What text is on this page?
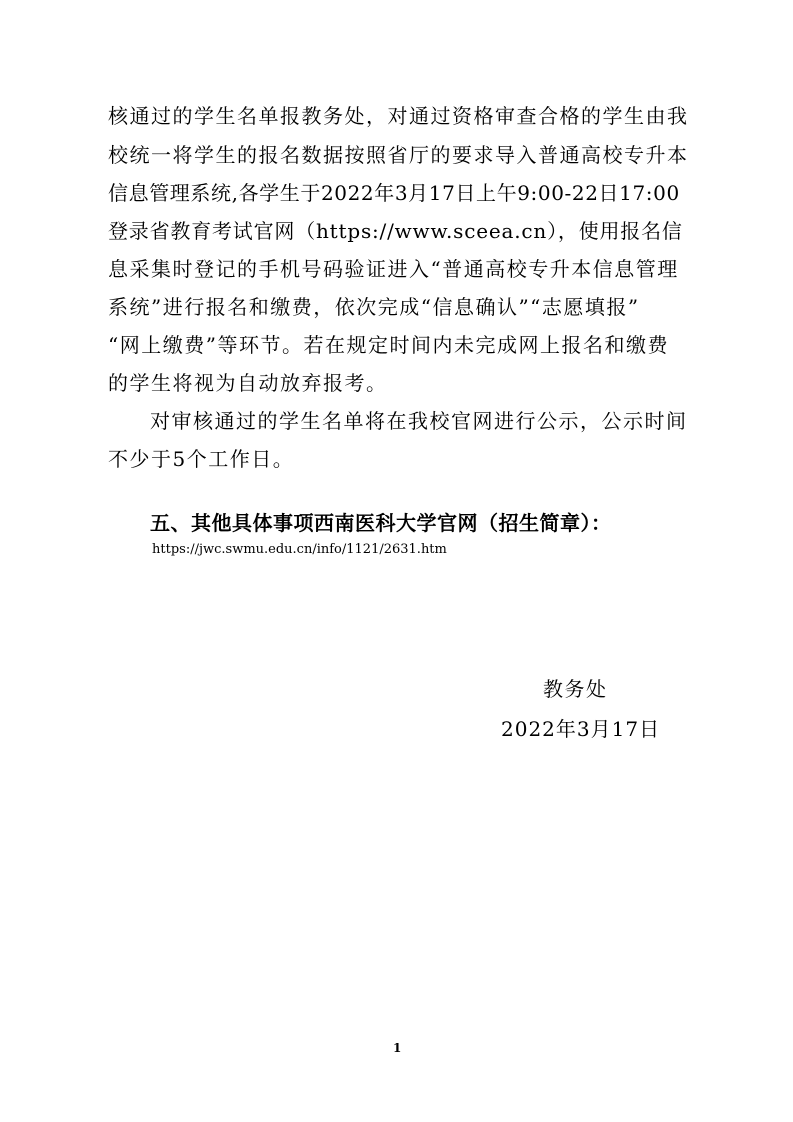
核通过的学生名单报教务处，对通过资格审查合格的学生由我
校统一将学生的报名数据按照省厅的要求导入普通高校专升本
信息管理系统,各学生于2022年3月17日上午9:00-22日17:00
登录省教育考试官网（https://www.sceea.cn），使用报名信
息采集时登记的手机号码验证进入“普通高校专升本信息管理
系统”进行报名和缴费，依次完成“信息确认”“志愿填报”
“网上缴费”等环节。若在规定时间内未完成网上报名和缴费
的学生将视为自动放弃报考。
对审核通过的学生名单将在我校官网进行公示，公示时间
不少于5个工作日。
五、其他具体事项西南医科大学官网（招生简章）：
https://jwc.swmu.edu.cn/info/1121/2631.htm
教务处
2022年3月17日
1
